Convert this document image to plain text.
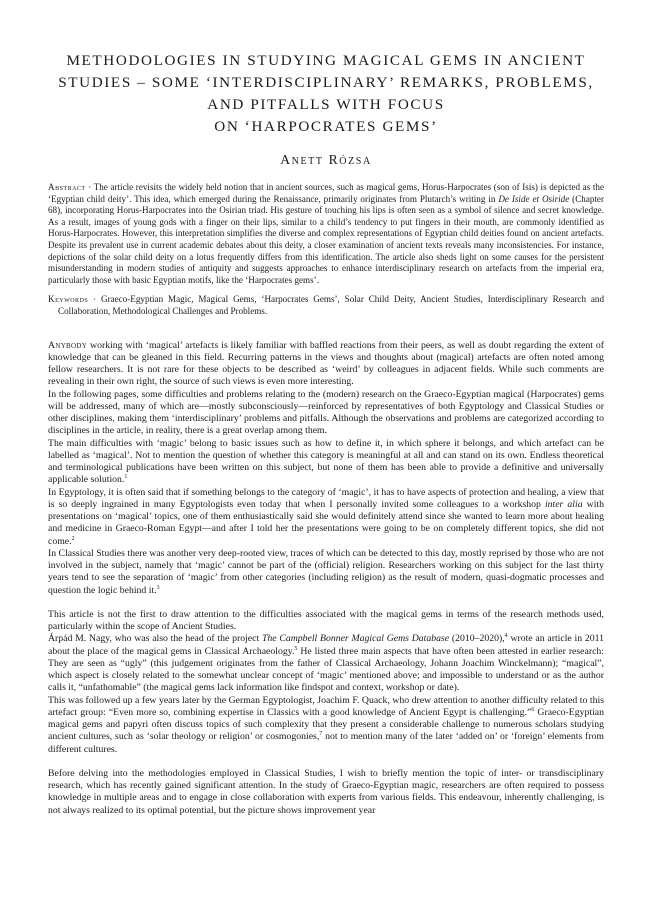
METHODOLOGIES IN STUDYING MAGICAL GEMS IN ANCIENT
STUDIES – SOME ‘INTERDISCIPLINARY’ REMARKS, PROBLEMS,
AND PITFALLS WITH FOCUS
ON ‘HARPOCRATES GEMS’
Anett Rózsa

Abstract · The article revisits the widely held notion that in ancient sources, such as magical gems, Horus-Harpocrates (son of Isis) is depicted as the ‘Egyptian child deity’. This idea, which emerged during the Renaissance, primarily originates from Plutarch’s writing in De Iside et Osiride (Chapter 68), incorporating Horus-Harpocrates into the Osirian triad. His gesture of touching his lips is often seen as a symbol of silence and secret knowledge. As a result, images of young gods with a finger on their lips, similar to a child’s tendency to put fingers in their mouth, are commonly identified as Horus-Harpocrates. However, this interpretation simplifies the diverse and complex representations of Egyptian child deities found on ancient artefacts. Despite its prevalent use in current academic debates about this deity, a closer examination of ancient texts reveals many inconsistencies. For instance, depictions of the solar child deity on a lotus frequently differs from this identification. The article also sheds light on some causes for the persistent misunderstanding in modern studies of antiquity and suggests approaches to enhance interdisciplinary research on artefacts from the imperial era, particularly those with basic Egyptian motifs, like the ‘Harpocrates gems’.

Keywords · Graeco-Egyptian Magic, Magical Gems, ‘Harpocrates Gems’, Solar Child Deity, Ancient Studies, Interdisciplinary Research and Collaboration, Methodological Challenges and Problems.

Anybody working with ‘magical’ artefacts is likely familiar with baffled reactions from their peers, as well as doubt regarding the extent of knowledge that can be gleaned in this field. Recurring patterns in the views and thoughts about (magical) artefacts are often noted among fellow researchers. It is not rare for these objects to be described as ‘weird’ by colleagues in adjacent fields. While such comments are revealing in their own right, the source of such views is even more interesting.

In the following pages, some difficulties and problems relating to the (modern) research on the Graeco-Egyptian magical (Harpocrates) gems will be addressed, many of which are—mostly subconsciously—reinforced by representatives of both Egyptology and Classical Studies or other disciplines, making them ‘interdisciplinary’ problems and pitfalls. Although the observations and problems are categorized according to disciplines in the article, in reality, there is a great overlap among them.

The main difficulties with ‘magic’ belong to basic issues such as how to define it, in which sphere it belongs, and which artefact can be labelled as ‘magical’. Not to mention the question of whether this category is meaningful at all and can stand on its own. Endless theoretical and terminological publications have been written on this subject, but none of them has been able to provide a definitive and universally applicable solution.$^1$

In Egyptology, it is often said that if something belongs to the category of ‘magic’, it has to have aspects of protection and healing, a view that is so deeply ingrained in many Egyptologists even today that when I personally invited some colleagues to a workshop inter alia with presentations on ‘magical’ topics, one of them enthusiastically said she would definitely attend since she wanted to learn more about healing and medicine in Graeco-Roman Egypt—and after I told her the presentations were going to be on completely different topics, she did not come.$^2$

In Classical Studies there was another very deep-rooted view, traces of which can be detected to this day, mostly reprised by those who are not involved in the subject, namely that ‘magic’ cannot be part of the (official) religion. Researchers working on this subject for the last thirty years tend to see the separation of ‘magic’ from other categories (including religion) as the result of modern, quasi-dogmatic processes and question the logic behind it.$^3$

This article is not the first to draw attention to the difficulties associated with the magical gems in terms of the research methods used, particularly within the scope of Ancient Studies.

Árpád M. Nagy, who was also the head of the project The Campbell Bonner Magical Gems Database (2010–2020),$^4$ wrote an article in 2011 about the place of the magical gems in Classical Archaeology.$^5$ He listed three main aspects that have often been attested in earlier research: They are seen as “ugly” (this judgement originates from the father of Classical Archaeology, Johann Joachim Winckelmann); “magical”, which aspect is closely related to the somewhat unclear concept of ‘magic’ mentioned above; and impossible to understand or as the author calls it, “unfathomable” (the magical gems lack information like findspot and context, workshop or date).

This was followed up a few years later by the German Egyptologist, Joachim F. Quack, who drew attention to another difficulty related to this artefact group: “Even more so, combining expertise in Classics with a good knowledge of Ancient Egypt is challenging.”$^6$ Graeco-Egyptian magical gems and papyri often discuss topics of such complexity that they present a considerable challenge to numerous scholars studying ancient cultures, such as ‘solar theology or religion’ or cosmogonies,$^7$ not to mention many of the later ‘added on’ or ‘foreign’ elements from different cultures.

Before delving into the methodologies employed in Classical Studies, I wish to briefly mention the topic of inter- or transdisciplinary research, which has recently gained significant attention. In the study of Graeco-Egyptian magic, researchers are often required to possess knowledge in multiple areas and to engage in close collaboration with experts from various fields. This endeavour, inherently challenging, is not always realized to its optimal potential, but the picture shows improvement year
